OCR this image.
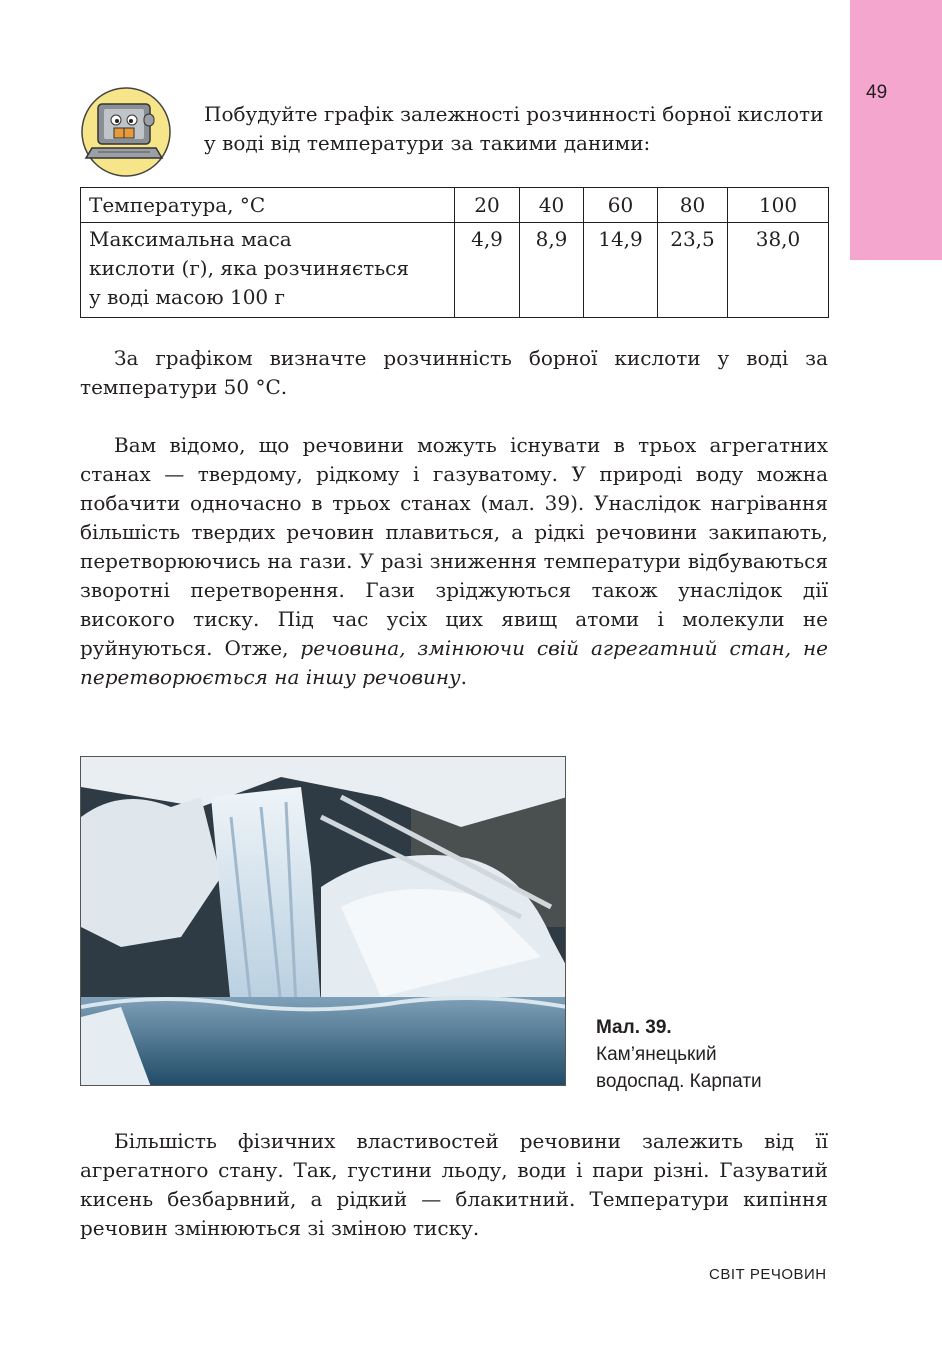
49
Побудуйте графік залежності розчинності борної кислоти у воді від температури за такими даними:
Температура, °С	20	40	60	80	100

Максимальна маса
кислоти (г), яка розчиняється
у воді масою 100 г	4,9	8,9	14,9	23,5	38,0

За графіком визначте розчинність борної кислоти у воді за температури 50 °С.

Вам відомо, що речовини можуть існувати в трьох агрегатних станах — твердому, рідкому і газуватому. У природі воду можна побачити одночасно в трьох станах (мал. 39). Унаслідок нагрівання більшість твердих речовин плавиться, а рідкі речовини закипають, перетворюючись на гази. У разі зниження температури відбуваються зворотні перетворення. Гази зріджуються також унаслідок дії високого тиску. Під час усіх цих явищ атоми і молекули не руйнуються. Отже, речовина, змінюючи свій агрегатний стан, не перетворюється на іншу речовину.

Мал. 39.
Кам’янецький
водоспад. Карпати

Більшість фізичних властивостей речовини залежить від її агрегатного стану. Так, густини льоду, води і пари різні. Газуватий кисень безбарвний, а рідкий — блакитний. Температури кипіння речовин змінюються зі зміною тиску.

СВІТ РЕЧОВИН
